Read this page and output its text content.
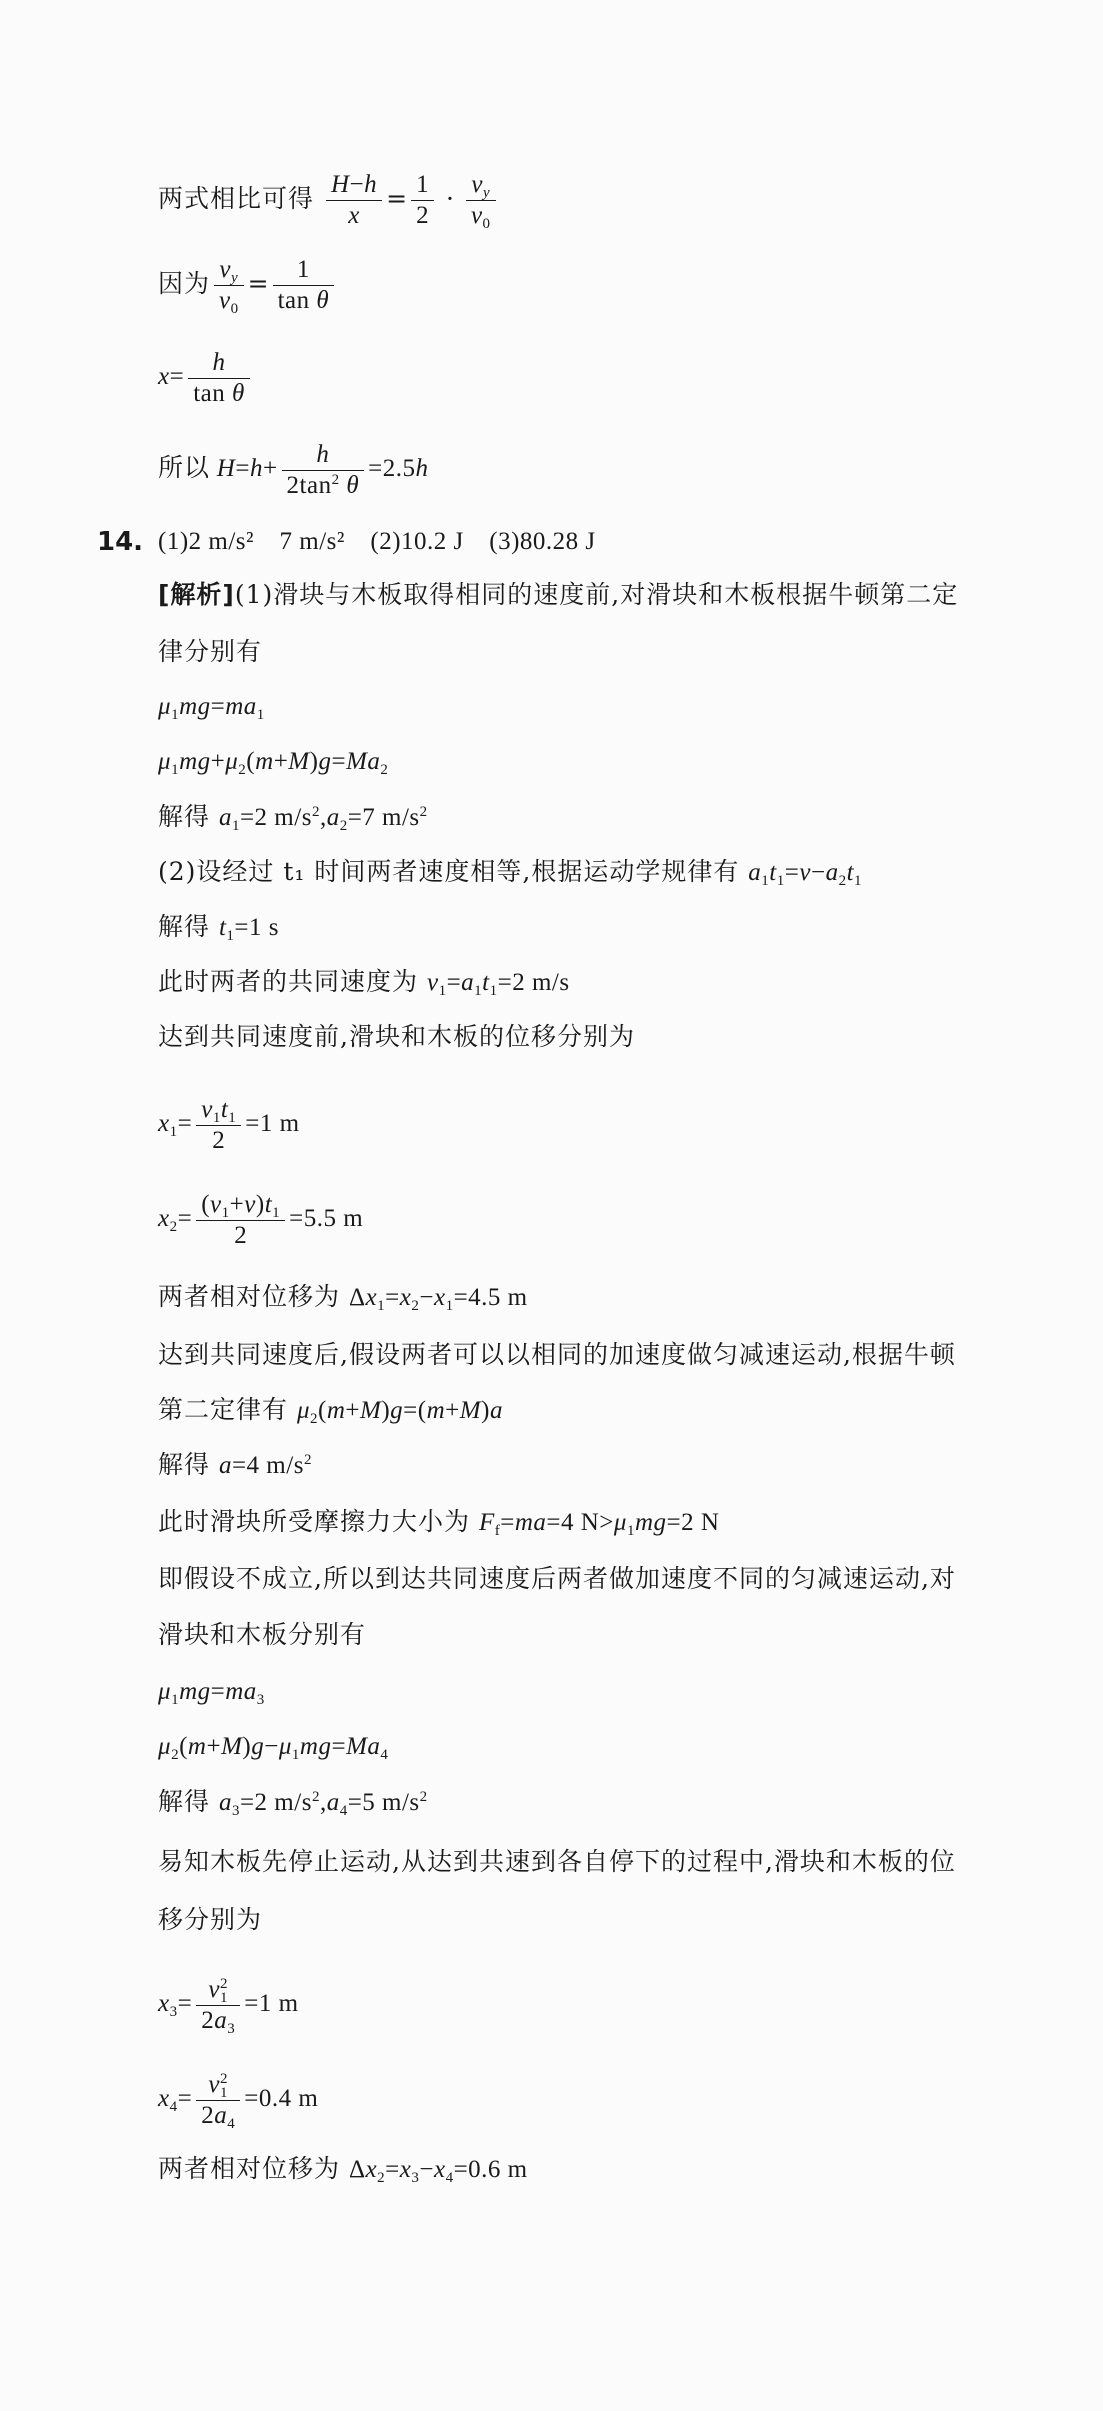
两式相比可得 $\frac{H-h}{x} = \frac{1}{2} \cdot \frac{v_y}{v_0}$
因为 $\frac{v_y}{v_0} = \frac{1}{\text{tan θ}}$
$x= \frac{h}{\text{tan θ}}$
所以 $H=h+ \frac{h}{2\tan^2 \theta} =2.5h$
14. (1)2 m/s²　7 m/s²　(2)10.2 J　(3)80.28 J
[解析](1)滑块与木板取得相同的速度前,对滑块和木板根据牛顿第二定
律分别有
$\mu_1mg=ma_1$
$\mu_1mg+\mu_2(m+M)g=Ma_2$
解得 $a_1=2$ $m/s^2,a_2=7$ $m/s^2$
(2)设经过 t₁ 时间两者速度相等,根据运动学规律有 $a_1t_1=v-a_2t_1$
解得 $t_1=1$ s
此时两者的共同速度为 $v_1=a_1t_1=2$ m/s
达到共同速度前,滑块和木板的位移分别为
$x_1= \frac{v_1t_1}{2} =1$ m
$x_2= \frac{(v_1+v)t_1}{2} =5.5$ m
两者相对位移为 $\Delta x_1=x_2-x_1=4.5$ m
达到共同速度后,假设两者可以以相同的加速度做匀减速运动,根据牛顿
第二定律有 $\mu_2(m+M)g=(m+M)a$
解得 a=4 $m/s^2$
此时滑块所受摩擦力大小为 $F_f=ma=4$ $N>\mu_1mg=2$ N
即假设不成立,所以到达共同速度后两者做加速度不同的匀减速运动,对
滑块和木板分别有
$\mu_1mg=ma_3$
$\mu_2(m+M)g-\mu_1mg=Ma_4$
解得 $a_3=2$ $m/s^2,a_4=5$ $m/s^2$
易知木板先停止运动,从达到共速到各自停下的过程中,滑块和木板的位
移分别为
$x_3= \frac{v_1^2}{2a_3} =1$ m
$x_4= \frac{v_1^2}{2a_4} =0.4$ m
两者相对位移为 $\Delta x_2=x_3-x_4=0.6$ m
